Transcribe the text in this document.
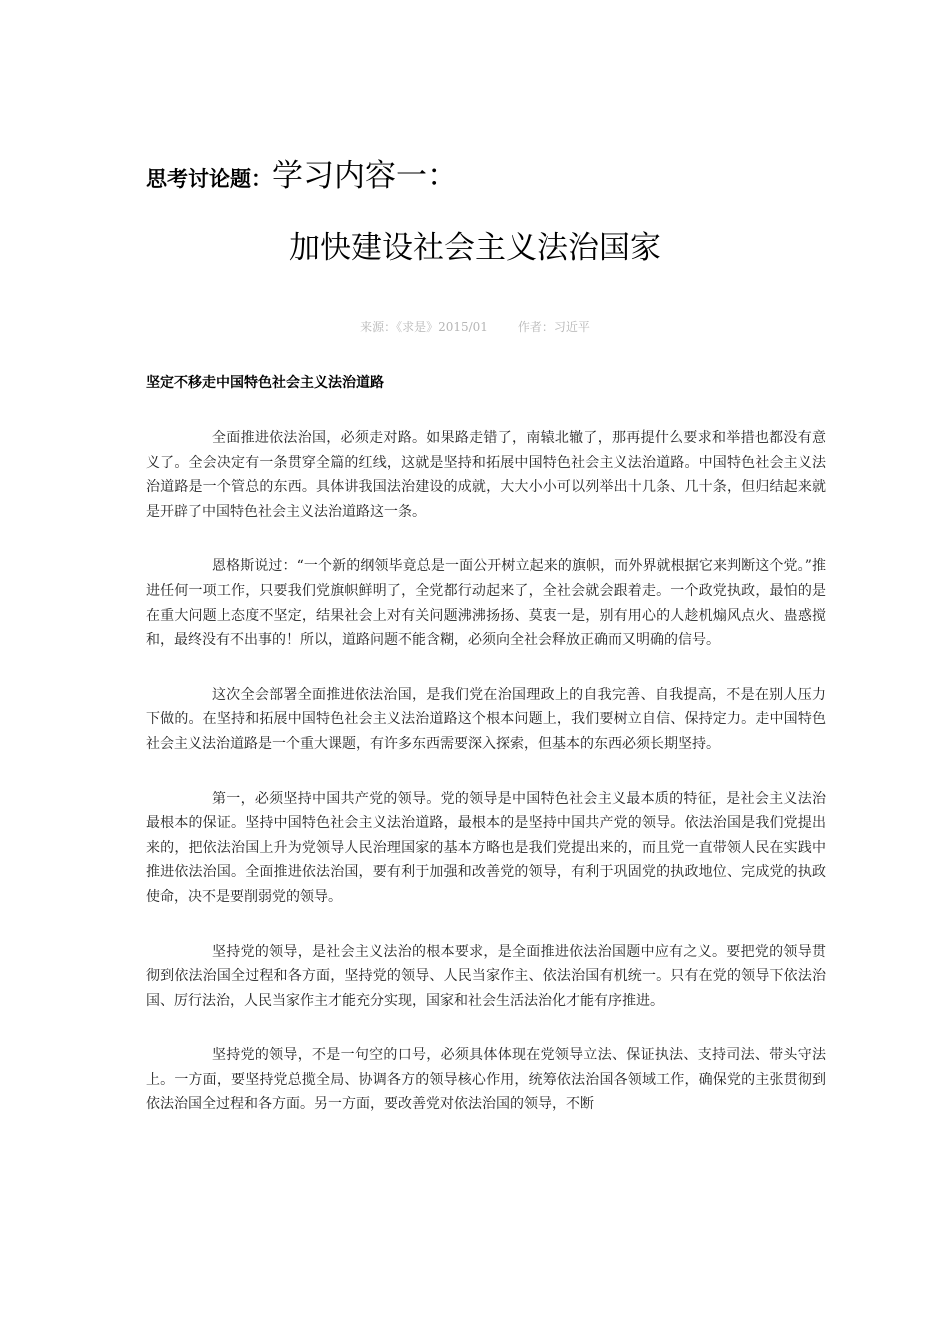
思考讨论题：学习内容一：
加快建设社会主义法治国家
来源：《求是》2015/01	作者：习近平
坚定不移走中国特色社会主义法治道路

全面推进依法治国，必须走对路。如果路走错了，南辕北辙了，那再提什么要求和举措也都没有意义了。全会决定有一条贯穿全篇的红线，这就是坚持和拓展中国特色社会主义法治道路。中国特色社会主义法治道路是一个管总的东西。具体讲我国法治建设的成就，大大小小可以列举出十几条、几十条，但归结起来就是开辟了中国特色社会主义法治道路这一条。

恩格斯说过：“一个新的纲领毕竟总是一面公开树立起来的旗帜，而外界就根据它来判断这个党。”推进任何一项工作，只要我们党旗帜鲜明了，全党都行动起来了，全社会就会跟着走。一个政党执政，最怕的是在重大问题上态度不坚定，结果社会上对有关问题沸沸扬扬、莫衷一是，别有用心的人趁机煽风点火、蛊惑搅和，最终没有不出事的！所以，道路问题不能含糊，必须向全社会释放正确而又明确的信号。

这次全会部署全面推进依法治国，是我们党在治国理政上的自我完善、自我提高，不是在别人压力下做的。在坚持和拓展中国特色社会主义法治道路这个根本问题上，我们要树立自信、保持定力。走中国特色社会主义法治道路是一个重大课题，有许多东西需要深入探索，但基本的东西必须长期坚持。

第一，必须坚持中国共产党的领导。党的领导是中国特色社会主义最本质的特征，是社会主义法治最根本的保证。坚持中国特色社会主义法治道路，最根本的是坚持中国共产党的领导。依法治国是我们党提出来的，把依法治国上升为党领导人民治理国家的基本方略也是我们党提出来的，而且党一直带领人民在实践中推进依法治国。全面推进依法治国，要有利于加强和改善党的领导，有利于巩固党的执政地位、完成党的执政使命，决不是要削弱党的领导。

坚持党的领导，是社会主义法治的根本要求，是全面推进依法治国题中应有之义。要把党的领导贯彻到依法治国全过程和各方面，坚持党的领导、人民当家作主、依法治国有机统一。只有在党的领导下依法治国、厉行法治，人民当家作主才能充分实现，国家和社会生活法治化才能有序推进。

坚持党的领导，不是一句空的口号，必须具体体现在党领导立法、保证执法、支持司法、带头守法上。一方面，要坚持党总揽全局、协调各方的领导核心作用，统筹依法治国各领域工作，确保党的主张贯彻到依法治国全过程和各方面。另一方面，要改善党对依法治国的领导，不断
